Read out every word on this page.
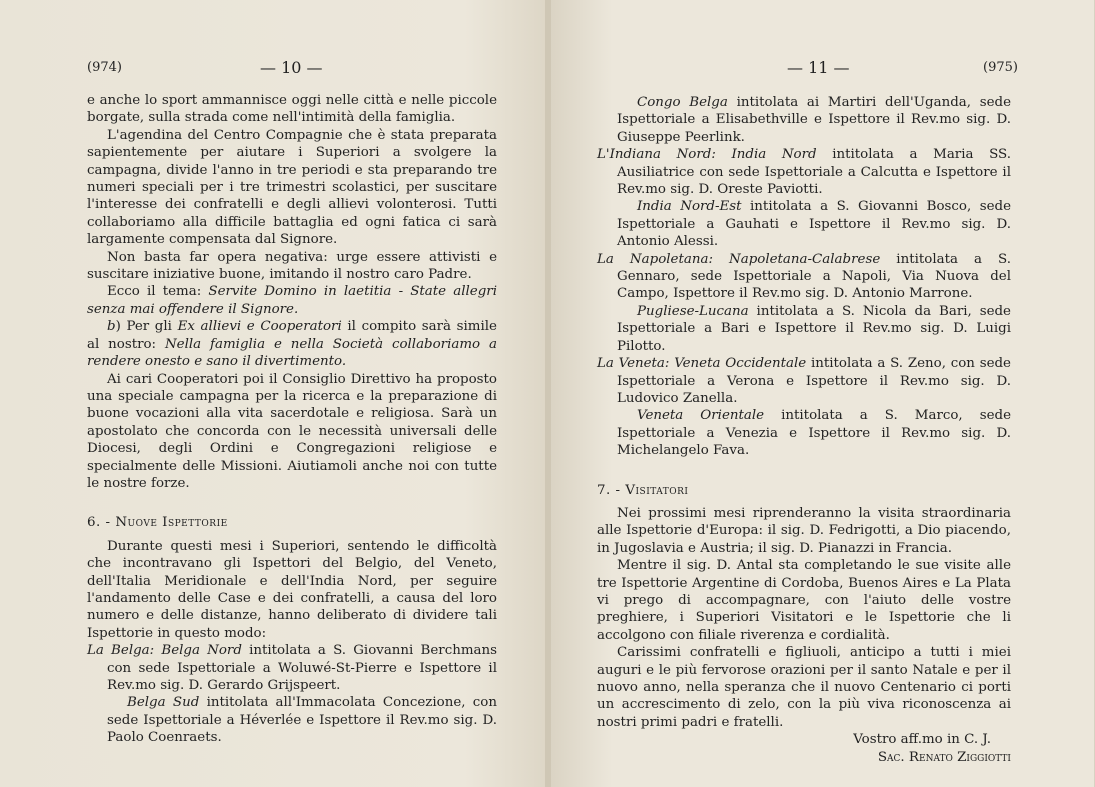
(974)	— 10 —

e anche lo sport ammannisce oggi nelle città e nelle piccole borgate, sulla strada come nell'intimità della famiglia.

L'agendina del Centro Compagnie che è stata preparata sapientemente per aiutare i Superiori a svolgere la campagna, divide l'anno in tre periodi e sta preparando tre numeri speciali per i tre trimestri scolastici, per suscitare l'interesse dei confratelli e degli allievi volonterosi. Tutti collaboriamo alla difficile battaglia ed ogni fatica ci sarà largamente compensata dal Signore.

Non basta far opera negativa: urge essere attivisti e suscitare iniziative buone, imitando il nostro caro Padre.

Ecco il tema: Servite Domino in laetitia - State allegri senza mai offendere il Signore.

b) Per gli Ex allievi e Cooperatori il compito sarà simile al nostro: Nella famiglia e nella Società collaboriamo a rendere onesto e sano il divertimento.

Ai cari Cooperatori poi il Consiglio Direttivo ha proposto una speciale campagna per la ricerca e la preparazione di buone vocazioni alla vita sacerdotale e religiosa. Sarà un apostolato che concorda con le necessità universali delle Diocesi, degli Ordini e Congregazioni religiose e specialmente delle Missioni. Aiutiamoli anche noi con tutte le nostre forze.

6. - Nuove Ispettorie

Durante questi mesi i Superiori, sentendo le difficoltà che incontravano gli Ispettori del Belgio, del Veneto, dell'Italia Meridionale e dell'India Nord, per seguire l'andamento delle Case e dei confratelli, a causa del loro numero e delle distanze, hanno deliberato di dividere tali Ispettorie in questo modo:

La Belga: Belga Nord intitolata a S. Giovanni Berchmans con sede Ispettoriale a Woluwé-St-Pierre e Ispettore il Rev.mo sig. D. Gerardo Grijspeert.

Belga Sud intitolata all'Immacolata Concezione, con sede Ispettoriale a Héverlée e Ispettore il Rev.mo sig. D. Paolo Coenraets.

— 11 —	(975)

Congo Belga intitolata ai Martiri dell'Uganda, sede Ispettoriale a Elisabethville e Ispettore il Rev.mo sig. D. Giuseppe Peerlink.

L'Indiana Nord: India Nord intitolata a Maria SS. Ausiliatrice con sede Ispettoriale a Calcutta e Ispettore il Rev.mo sig. D. Oreste Paviotti.

India Nord-Est intitolata a S. Giovanni Bosco, sede Ispettoriale a Gauhati e Ispettore il Rev.mo sig. D. Antonio Alessi.

La Napoletana: Napoletana-Calabrese intitolata a S. Gennaro, sede Ispettoriale a Napoli, Via Nuova del Campo, Ispettore il Rev.mo sig. D. Antonio Marrone.

Pugliese-Lucana intitolata a S. Nicola da Bari, sede Ispettoriale a Bari e Ispettore il Rev.mo sig. D. Luigi Pilotto.

La Veneta: Veneta Occidentale intitolata a S. Zeno, con sede Ispettoriale a Verona e Ispettore il Rev.mo sig. D. Ludovico Zanella.

Veneta Orientale intitolata a S. Marco, sede Ispettoriale a Venezia e Ispettore il Rev.mo sig. D. Michelangelo Fava.

7. - Visitatori

Nei prossimi mesi riprenderanno la visita straordinaria alle Ispettorie d'Europa: il sig. D. Fedrigotti, a Dio piacendo, in Jugoslavia e Austria; il sig. D. Pianazzi in Francia.

Mentre il sig. D. Antal sta completando le sue visite alle tre Ispettorie Argentine di Cordoba, Buenos Aires e La Plata vi prego di accompagnare, con l'aiuto delle vostre preghiere, i Superiori Visitatori e le Ispettorie che li accolgono con filiale riverenza e cordialità.

Carissimi confratelli e figliuoli, anticipo a tutti i miei auguri e le più fervorose orazioni per il santo Natale e per il nuovo anno, nella speranza che il nuovo Centenario ci porti un accrescimento di zelo, con la più viva riconoscenza ai nostri primi padri e fratelli.

Vostro aff.mo in C. J.

Sac. Renato Ziggiotti
